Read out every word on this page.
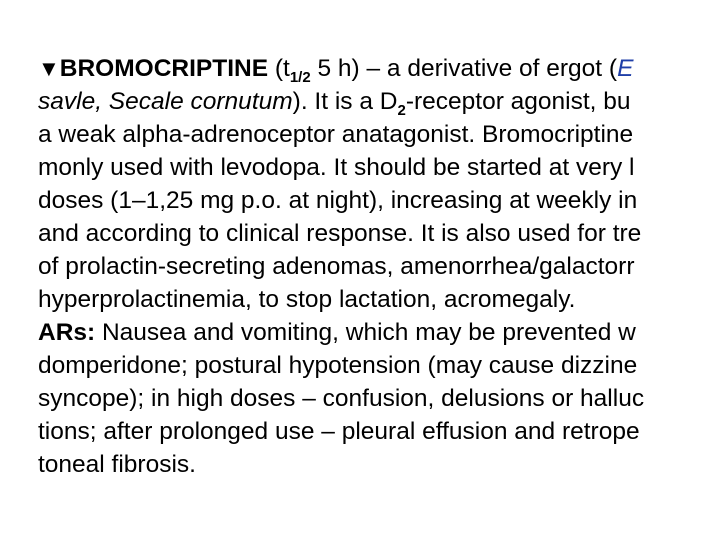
▼BROMOCRIPTINE ($t_{1/2}$ 5 h) – a derivative of ergot (E
savle, Secale cornutum). It is a $D_2$-receptor agonist, bu
a weak alpha-adrenoceptor anatagonist. Bromocriptine
monly used with levodopa. It should be started at very l
doses (1–1,25 mg p.o. at night), increasing at weekly in
and according to clinical response. It is also used for tre
of prolactin-secreting adenomas, amenorrhea/galactorr
hyperprolactinemia, to stop lactation, acromegaly.
ARs: Nausea and vomiting, which may be prevented w
domperidone; postural hypotension (may cause dizzine
syncope); in high doses – confusion, delusions or halluc
tions; after prolonged use – pleural effusion and retrope
toneal fibrosis.
